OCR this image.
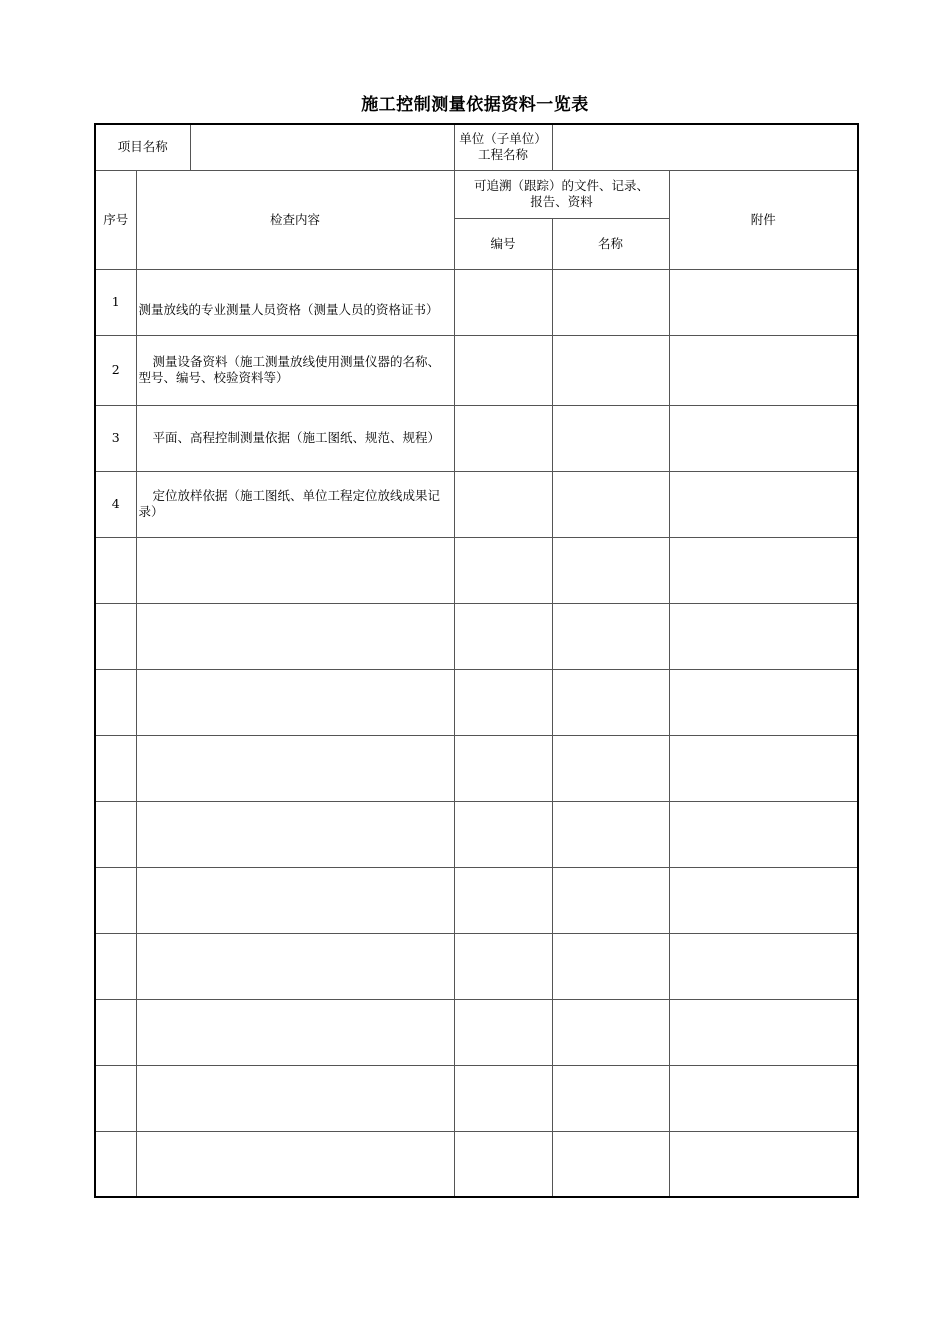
施工控制测量依据资料一览表
项目名称			单位（子单位）工程名称		
序号	检查内容		可追溯（跟踪）的文件、记录、报告、资料		附件
			编号	名称	
1	测量放线的专业测量人员资格（测量人员的资格证书）				
2	测量设备资料（施工测量放线使用测量仪器的名称、型号、编号、校验资料等）				
3	平面、高程控制测量依据（施工图纸、规范、规程）				
4	定位放样依据（施工图纸、单位工程定位放线成果记录）				
